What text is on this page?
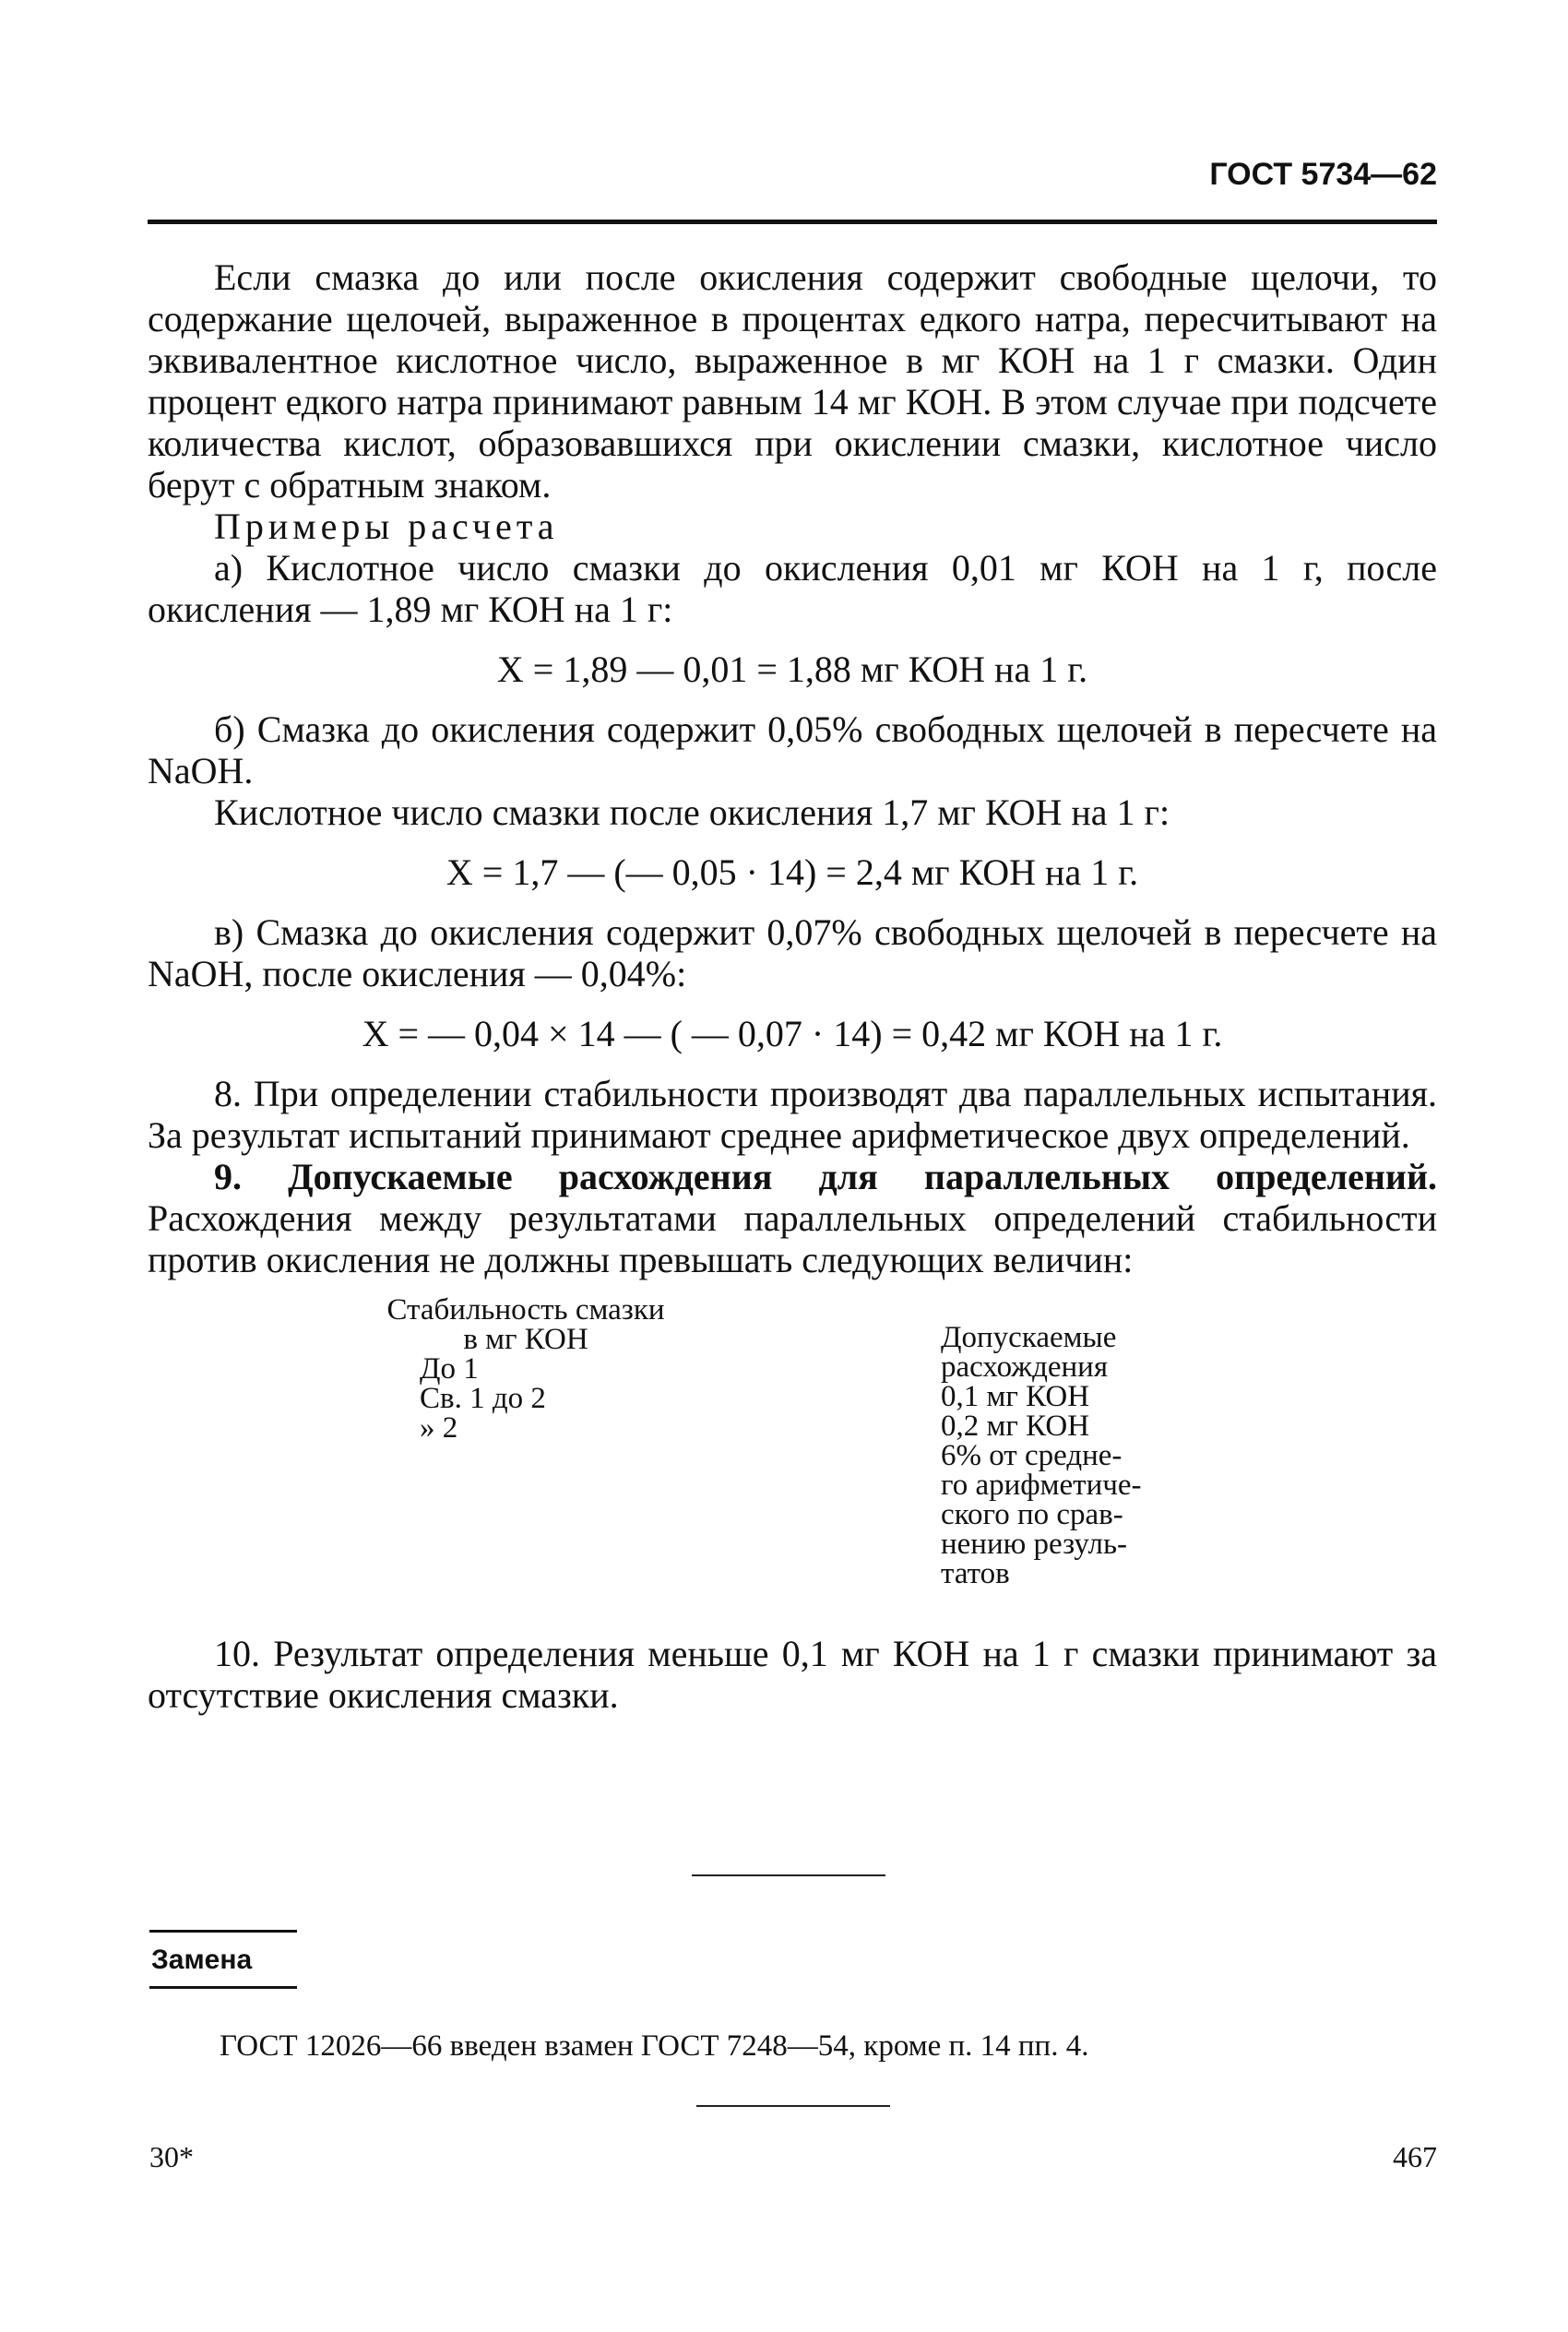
ГОСТ 5734—62

Если смазка до или после окисления содержит свободные щелочи, то содержание щелочей, выраженное в процентах едкого натра, пересчитывают на эквивалентное кислотное число, выраженное в мг КОН на 1 г смазки. Один процент едкого натра принимают равным 14 мг КОН. В этом случае при подсчете количества кислот, образовавшихся при окислении смазки, кислотное число берут с обратным знаком.

Примеры расчета

а) Кислотное число смазки до окисления 0,01 мг КОН на 1 г, после окисления — 1,89 мг КОН на 1 г:

X = 1,89 — 0,01 = 1,88 мг КОН на 1 г.

б) Смазка до окисления содержит 0,05% свободных щелочей в пересчете на NaOH.

Кислотное число смазки после окисления 1,7 мг КОН на 1 г:

X = 1,7 — (— 0,05 · 14) = 2,4 мг КОН на 1 г.

в) Смазка до окисления содержит 0,07% свободных щелочей в пересчете на NaOH, после окисления — 0,04%:

X = — 0,04 × 14 — ( — 0,07 · 14) = 0,42 мг КОН на 1 г.

8. При определении стабильности производят два параллельных испытания. За результат испытаний принимают среднее арифметическое двух определений.

9. Допускаемые расхождения для параллельных определений. Расхождения между результатами параллельных определений стабильности против окисления не должны превышать следующих величин:

Стабильность смазки
в мг КОН
До 1
Св. 1 до 2
» 2
Допускаемые
расхождения
0,1 мг КОН
0,2 мг КОН
6% от средне-
го арифметиче-
ского по срав-
нению резуль-
татов

10. Результат определения меньше 0,1 мг КОН на 1 г смазки принимают за отсутствие окисления смазки.

Замена
ГОСТ 12026—66 введен взамен ГОСТ 7248—54, кроме п. 14 пп. 4.
30*	467
